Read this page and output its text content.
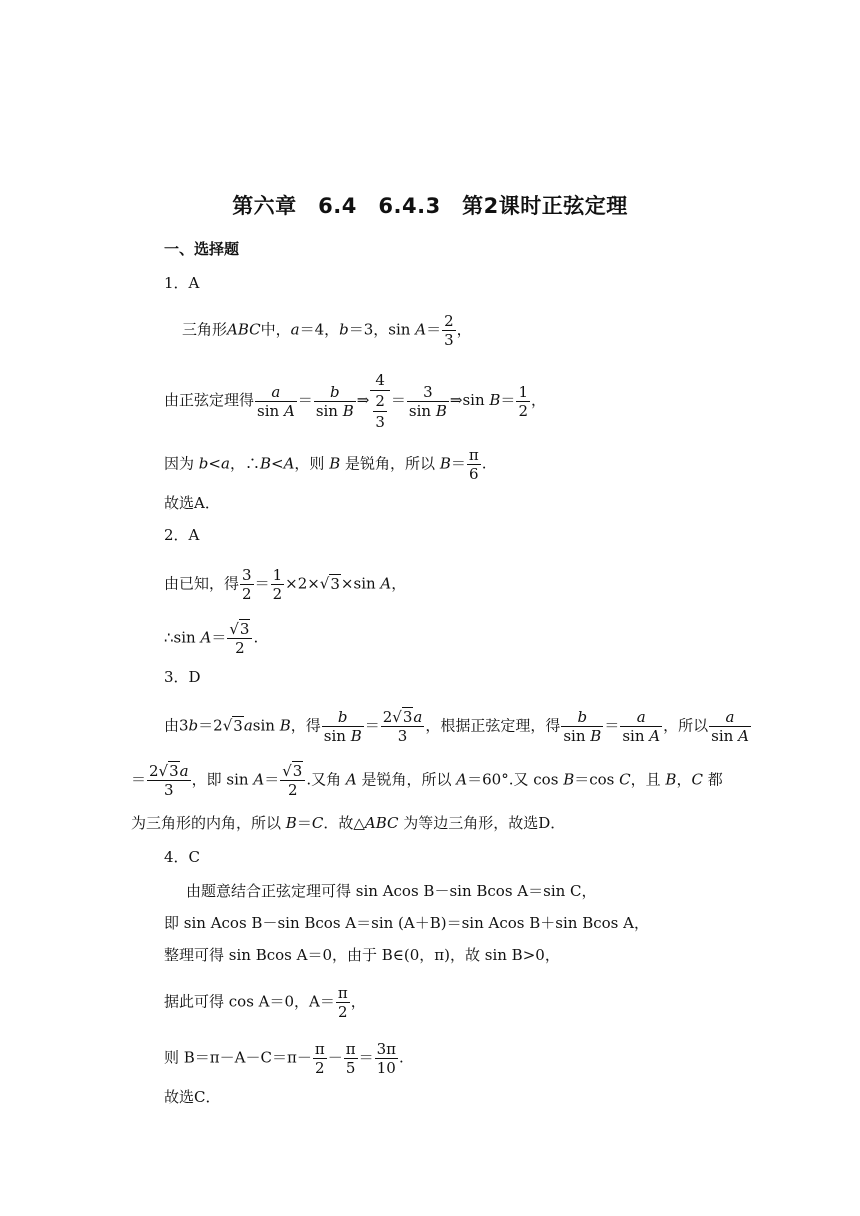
第六章　6.4　6.4.3　第2课时正弦定理
一、选择题
1．A
三角形ABC中，a＝4，b＝3，$\sin A= \frac{2}{3}$ ，
由正弦定理得 $\frac{a}{\text{sin A}} = \frac{b}{\text{sin B}}$ ⇒ $\frac{4}{\frac{2}{3}} = \frac{3}{\text{sin B}}$ ⇒sin $B= \frac{1}{2}$ ，
因为 b<a，∴B<A，则 B 是锐角，所以 $B= \frac{\pi}{6}$ .
故选A．
2．A
由已知，得 $\frac{3}{2} = \frac{1}{2} \times 2\times√3\times\sin$ A，
∴sin $A= \frac{√3}{2}$ .
3．D
由3b＝2√3asin B，得 $\frac{b}{\text{sin B}} = \frac{2√3a}{3}$ ，根据正弦定理，得 $\frac{b}{\text{sin B}} = \frac{a}{\text{sin A}}$ ，所以 $\frac{a}{\text{sin A}}$
＝ $\frac{2√3a}{3}$ ，即 $\sin A= \frac{√3}{2}$ .又角 A 是锐角，所以 A＝60°.又 cos B＝cos C，且 B，C 都
为三角形的内角，所以 B＝C．故△ABC 为等边三角形，故选D．
4．C
由题意结合正弦定理可得 sin Acos B－sin Bcos A＝sin C，
即 sin Acos B－sin Bcos A＝sin (A＋B)＝sin Acos B＋sin Bcos A，
整理可得 sin Bcos A＝0，由于 B∈(0，π)，故 sin B>0，
据此可得 cos A＝0，$A= \frac{\pi}{2}$ ，
则 $B=\pi-A-C=\pi- \frac{\pi}{2} - \frac{\pi}{5} = \frac{3\pi}{10}$ .
故选C．
